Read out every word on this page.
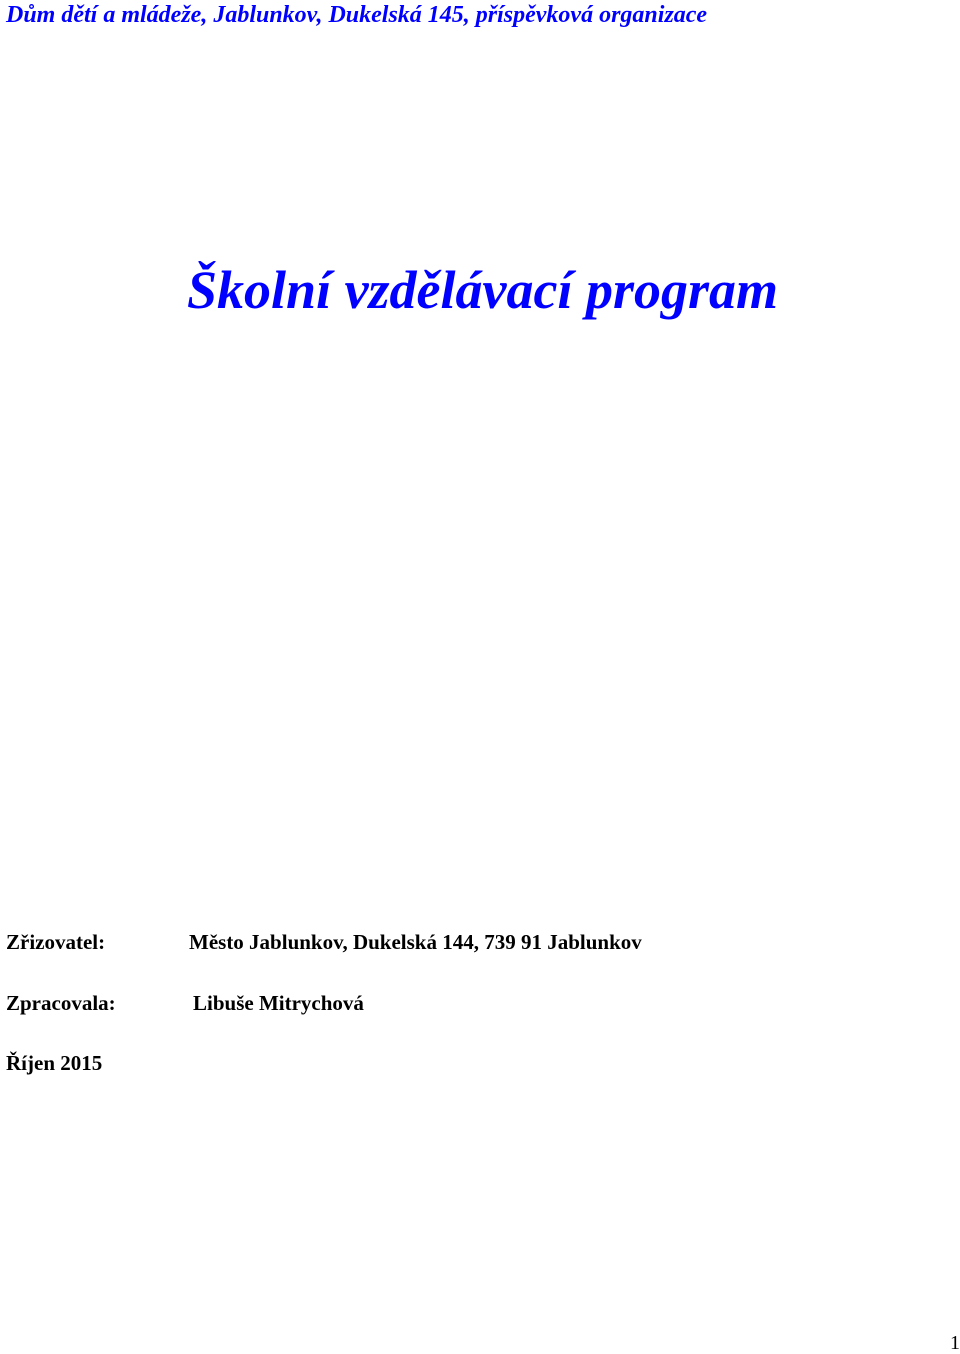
Dům dětí a mládeže, Jablunkov, Dukelská 145, příspěvková organizace
Školní vzdělávací program
Zřizovatel:	Město Jablunkov, Dukelská 144, 739 91 Jablunkov
Zpracovala:	Libuše Mitrychová
Říjen 2015
1
